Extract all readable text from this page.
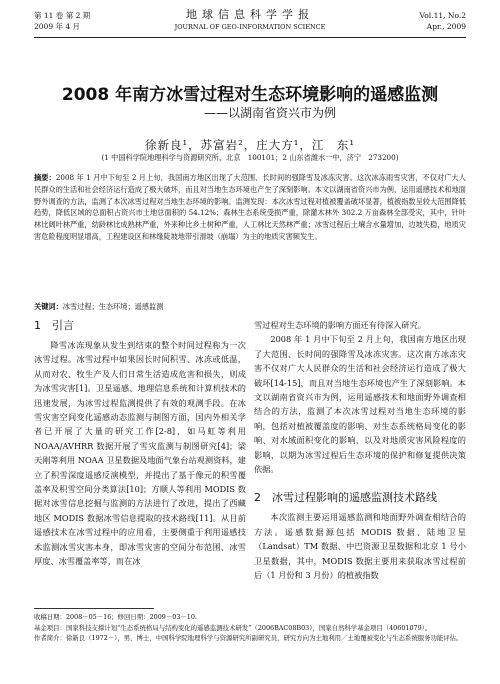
第 11 卷 第 2 期
2009 年 4 月
地球信息科学学报
JOURNAL OF GEO-INFORMATION SCIENCE
Vol.11, No.2
Apr., 2009
2008 年南方冰雪过程对生态环境影响的遥感监测
——以湖南省资兴市为例
徐新良¹，苏富岩²，庄大方¹，江　东¹
(1 中国科学院地理科学与资源研究所，北京　100101；2 山东省潍水一中，济宁　273200)
摘要：2008 年 1 月中下旬至 2 月上旬，我国南方地区出现了大范围、长时间的强降雪及冰冻灾害。这次冰冻雨雪灾害，不仅对广大人民群众的生活和社会经济运行造成了极大破坏，而且对当地生态环境也产生了深刻影响。本文以湖南省资兴市为例，运用遥感技术和地面野外调查的方法，监测了本次冰雪过程对当地生态环境的影响。监测发现：本次冰雪过程对植被覆盖破坏显著，植被指数呈较大范围降低趋势，降低区域的总面积占资兴市土地总面积的 54.12%；森林生态系统受损严重，除灌木林外 302.2 万亩森林全部受灾，其中，针叶林比阔叶林严重，幼龄林比成熟林严重，外来种比乡土树种严重，人工林比天然林严重；冰雪过程后土壤含水量增加，边坡失稳，地质灾害危险程度明显增高，工程建设区和林缘陡坡地带引滑坡（崩塌）为主的地质灾害频发生。
关键词：冰雪过程；生态环境；遥感监测
1　引言

降雪冰冻现象从发生到结束的整个时间过程称为一次冰雪过程。冰雪过程中如果因长时间积雪、冰冻或低温，从而对农、牧生产及人们日常生活造成危害和损失，则成为冰雪灾害[1]。卫星遥感、地理信息系统和计算机技术的迅速发展，为冰雪过程监测提供了有效的观测手段。在冰雪灾害空间变化遥感动态监测与制图方面，国内外相关学者已开展了大量的研究工作[2-8]，如马虹等利用 NOAA/AVHRR 数据开展了雪灾监测与制图研究[4]；梁天刚等利用 NOAA 卫星数据及地面气象台站观测资料，建立了积雪深度遥感反演模型，并提出了基于像元的积雪覆盖率及积雪空间分类算法[10]；方顺人等利用 MODIS 数据对冰雪信息挖掘与监测的方法进行了改进，提出了西藏地区 MODIS 数据冰雪信息提取的技术路线[11]。从目前遥感技术在冰雪过程中的应用看，主要侧重于利用遥感技术监测冰雪灾害本身，即冰雪灾害的空间分布范围、冰雪厚度、冰雪覆盖率等，而在冰

雪过程对生态环境的影响方面还有待深入研究。

2008 年 1 月中下旬至 2 月上旬，我国南方地区出现了大范围、长时间的强降雪及冰冻灾害。这次南方冰冻灾害不仅对广大人民群众的生活和社会经济运行造成了极大破坏[14-15]，而且对当地生态环境也产生了深刻影响。本文以湖南省资兴市为例，运用遥感技术和地面野外调查相结合的方法，监测了本次冰雪过程对当地生态环境的影响，包括对植被覆盖度的影响、对生态系统格局变化的影响、对水域面积变化的影响，以及对地质灾害风险程度的影响，以期为冰雪过程后生态环境的保护和修复提供决策依据。

2　冰雪过程影响的遥感监测技术路线

本次监测主要运用遥感监测和地面野外调查相结合的方法。遥感数据源包括 MODIS 数据、陆地卫星（Landsat）TM 数据、中巴资源卫星数据和北京 1 号小卫星数据，其中，MODIS 数据主要用来获取冰雪过程前后（1 月份和 3 月份）的植被指数

收稿日期：2008－05－16；修回日期：2009－03－10.
基金项目：国家科技支撑计划“生态系统格局与结构变化的遥感监测技术研发”（2006BAC08B03），国家自然科学基金项目（40601079）。
作者简介：徐新良（1972－），男，博士，中国科学院地理科学与资源研究所副研究员，研究方向为土地利用／土地覆被变化与生态系统服务功能评估。
